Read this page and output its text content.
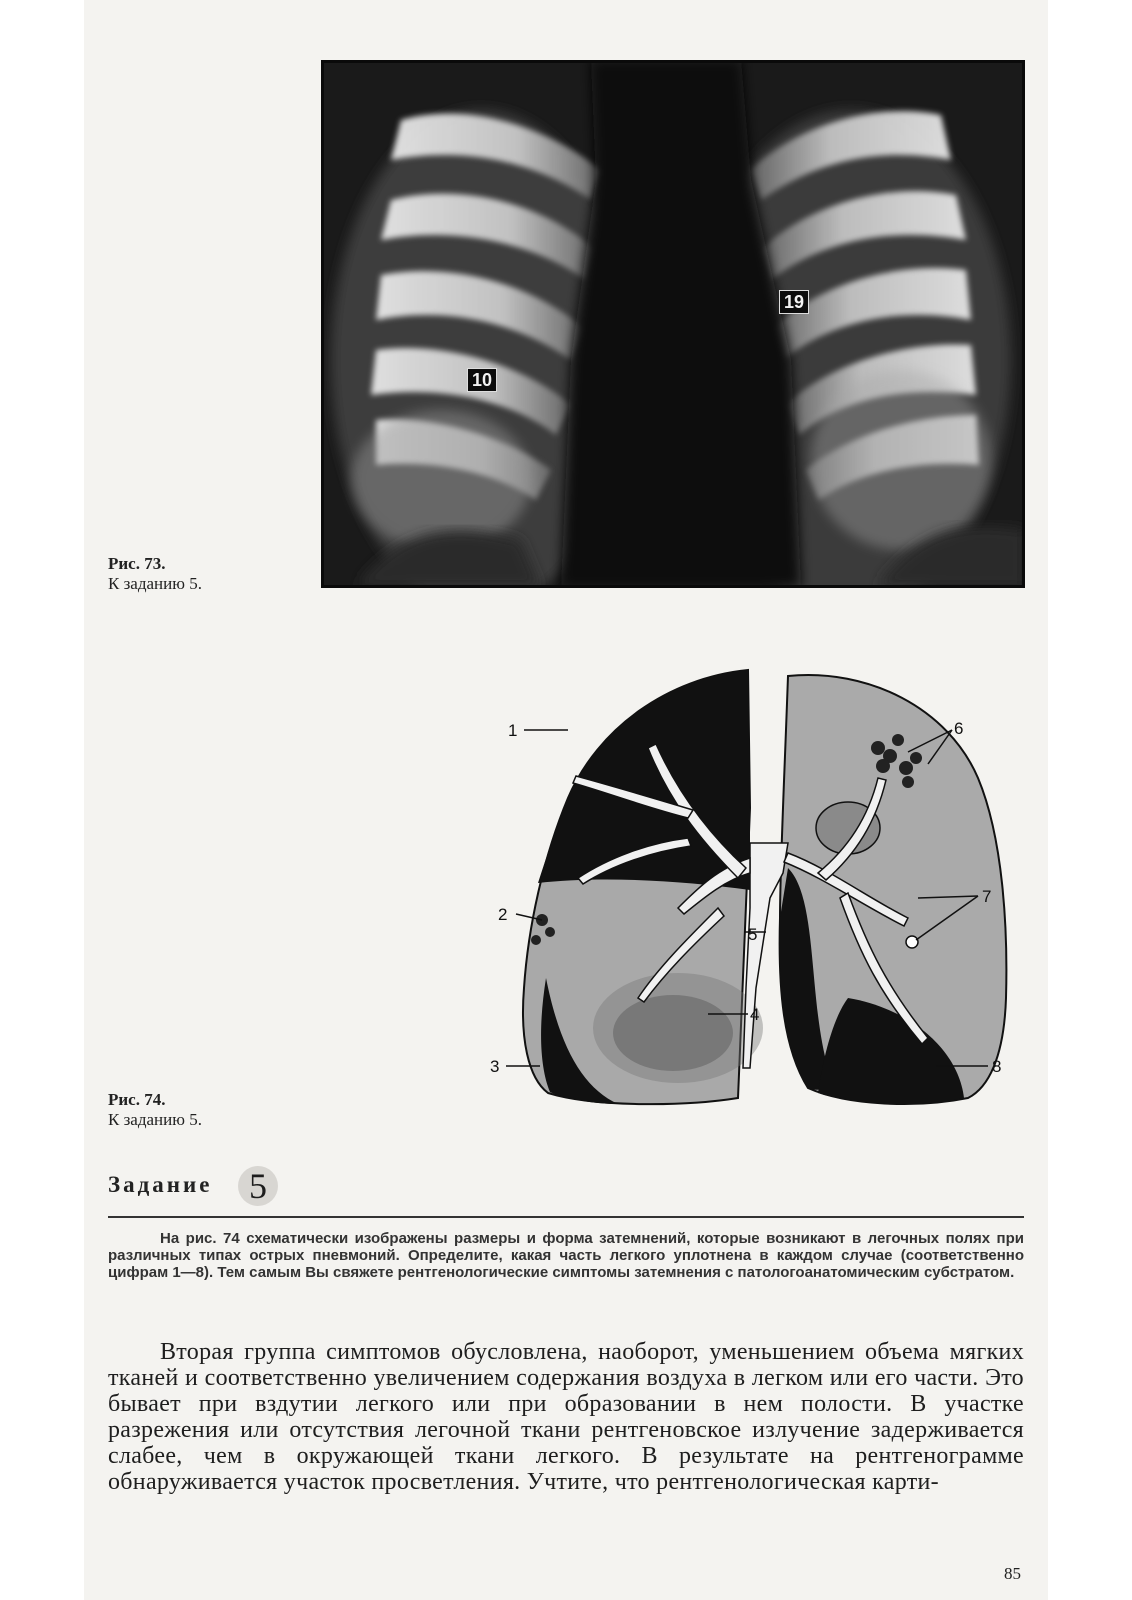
10
19
Рис. 73.
К заданию 5.
1
2
3
4
5
6
7
8
Рис. 74.
К заданию 5.
Задание	5
На рис. 74 схематически изображены размеры и форма затемнений, которые возникают в легочных полях при различных типах острых пневмоний. Определите, какая часть легкого уплотнена в каждом случае (соответственно цифрам 1—8). Тем самым Вы свяжете рентгенологические симптомы затемнения с патологоанатомическим субстратом.
Вторая группа симптомов обусловлена, наоборот, уменьшением объема мягких тканей и соответственно увеличением содержания воздуха в легком или его части. Это бывает при вздутии легкого или при образовании в нем полости. В участке разрежения или отсутствия легочной ткани рентгеновское излучение задерживается слабее, чем в окружающей ткани легкого. В результате на рентгенограмме обнаруживается участок просветления. Учтите, что рентгенологическая карти-
85
